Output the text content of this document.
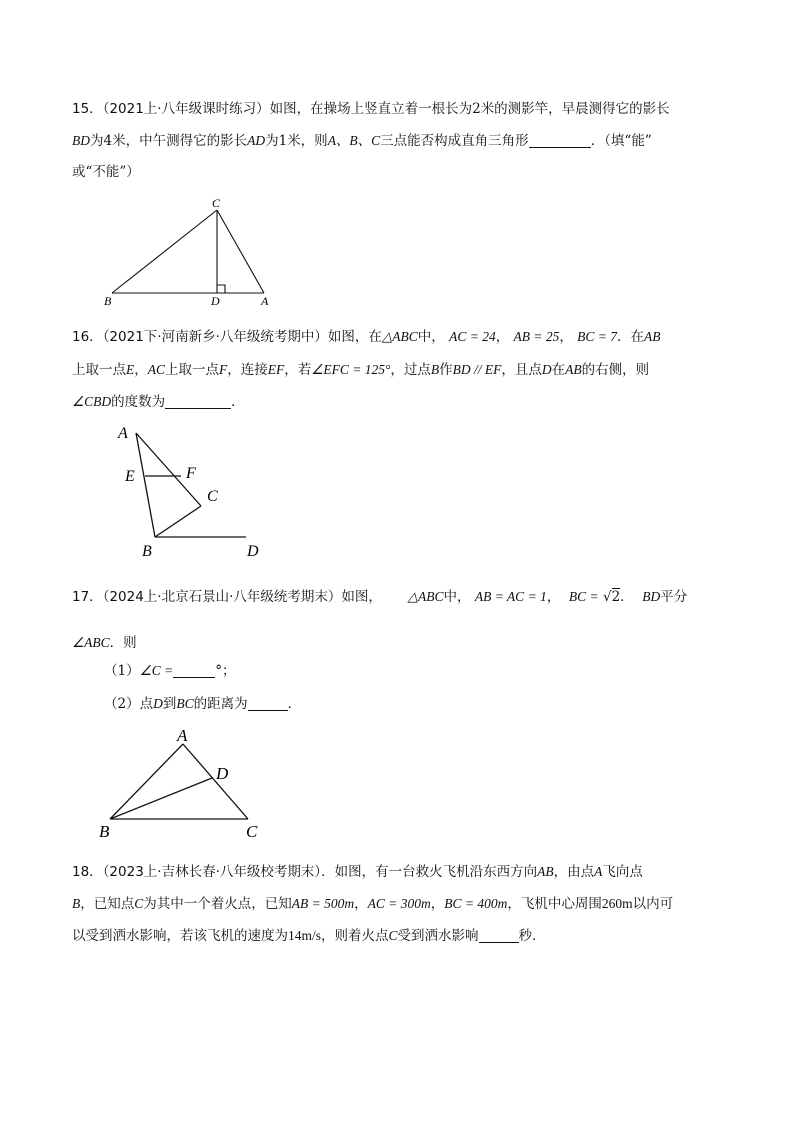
15．（2021上·八年级课时练习）如图，在操场上竖直立着一根长为2米的测影竿，早晨测得它的影长
BD为4米，中午测得它的影长AD为1米，则A、B、C三点能否构成直角三角形	．（填“能”
或“不能”）
C
B	D	A
16．（2021下·河南新乡·八年级统考期中）如图，在△ABC中， AC = 24， AB = 25， BC = 7．在AB
上取一点E，AC上取一点F，连接EF，若∠EFC = 125°，过点B作BD // EF，且点D在AB的右侧，则
∠CBD的度数为	．
A
E	F
C
B	D
17．（2024上·北京石景山·八年级统考期末）如图， △ABC中， AB = AC = 1， BC = √2． BD平分
∠ABC．则
（1）∠C =	°；
（2）点D到BC的距离为	．
A
D
B	C
18．（2023上·吉林长春·八年级校考期末）．如图，有一台救火飞机沿东西方向AB，由点A飞向点
B，已知点C为其中一个着火点，已知AB = 500m，AC = 300m，BC = 400m，飞机中心周围260m以内可
以受到洒水影响，若该飞机的速度为14m/s，则着火点C受到洒水影响	秒．
